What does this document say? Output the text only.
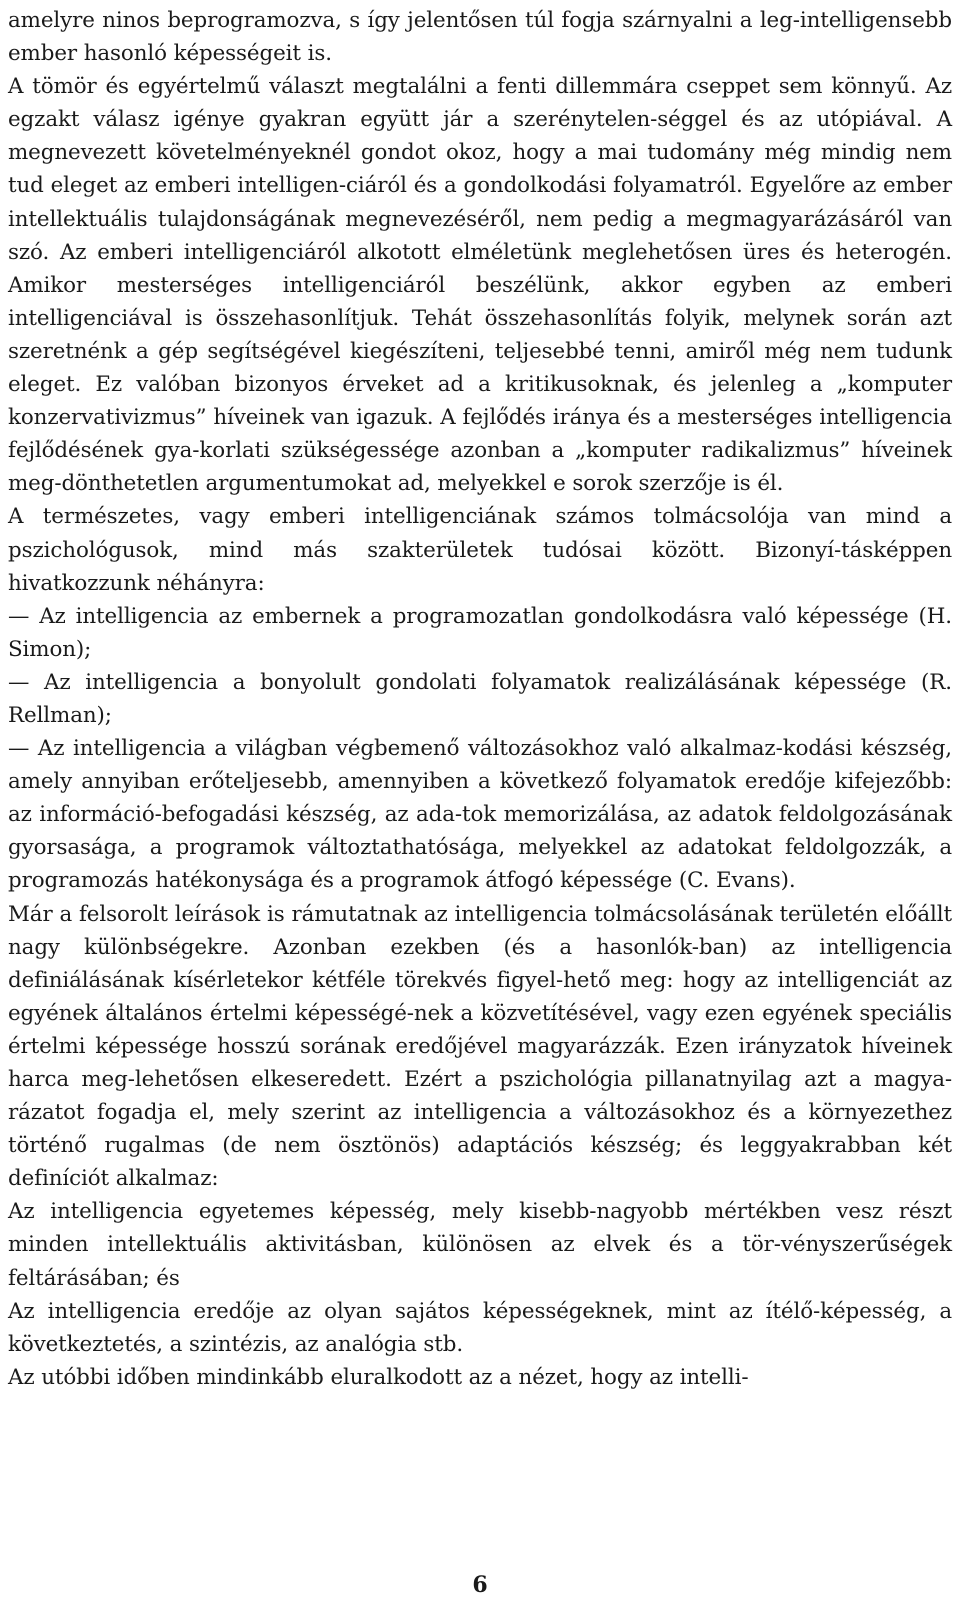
amelyre ninos beprogramozva, s így jelentősen túl fogja szárnyalni a leg-intelligensebb ember hasonló képességeit is.

A tömör és egyértelmű választ megtalálni a fenti dillemmára cseppet sem könnyű. Az egzakt válasz igénye gyakran együtt jár a szerénytelen-séggel és az utópiával. A megnevezett követelményeknél gondot okoz, hogy a mai tudomány még mindig nem tud eleget az emberi intelligen-ciáról és a gondolkodási folyamatról. Egyelőre az ember intellektuális tulajdonságának megnevezéséről, nem pedig a megmagyarázásáról van szó. Az emberi intelligenciáról alkotott elméletünk meglehetősen üres és heterogén. Amikor mesterséges intelligenciáról beszélünk, akkor egyben az emberi intelligenciával is összehasonlítjuk. Tehát összehasonlítás folyik, melynek során azt szeretnénk a gép segítségével kiegészíteni, teljesebbé tenni, amiről még nem tudunk eleget. Ez valóban bizonyos érveket ad a kritikusoknak, és jelenleg a „komputer konzervativizmus” híveinek van igazuk. A fejlődés iránya és a mesterséges intelligencia fejlődésének gya-korlati szükségessége azonban a „komputer radikalizmus” híveinek meg-dönthetetlen argumentumokat ad, melyekkel e sorok szerzője is él.

A természetes, vagy emberi intelligenciának számos tolmácsolója van mind a pszichológusok, mind más szakterületek tudósai között. Bizonyí-tásképpen hivatkozzunk néhányra:

— Az intelligencia az embernek a programozatlan gondolkodásra való képessége (H. Simon);

— Az intelligencia a bonyolult gondolati folyamatok realizálásának képessége (R. Rellman);

— Az intelligencia a világban végbemenő változásokhoz való alkalmaz-kodási készség, amely annyiban erőteljesebb, amennyiben a következő folyamatok eredője kifejezőbb: az információ-befogadási készség, az ada-tok memorizálása, az adatok feldolgozásának gyorsasága, a programok változtathatósága, melyekkel az adatokat feldolgozzák, a programozás hatékonysága és a programok átfogó képessége (C. Evans).

Már a felsorolt leírások is rámutatnak az intelligencia tolmácsolásának területén előállt nagy különbségekre. Azonban ezekben (és a hasonlók-ban) az intelligencia definiálásának kísérletekor kétféle törekvés figyel-hető meg: hogy az intelligenciát az egyének általános értelmi képességé-nek a közvetítésével, vagy ezen egyének speciális értelmi képessége hosszú sorának eredőjével magyarázzák. Ezen irányzatok híveinek harca meg-lehetősen elkeseredett. Ezért a pszichológia pillanatnyilag azt a magya-rázatot fogadja el, mely szerint az intelligencia a változásokhoz és a környezethez történő rugalmas (de nem ösztönös) adaptációs készség; és leggyakrabban két definíciót alkalmaz:

Az intelligencia egyetemes képesség, mely kisebb-nagyobb mértékben vesz részt minden intellektuális aktivitásban, különösen az elvek és a tör-vényszerűségek feltárásában; és

Az intelligencia eredője az olyan sajátos képességeknek, mint az ítélő-képesség, a következtetés, a szintézis, az analógia stb.

Az utóbbi időben mindinkább eluralkodott az a nézet, hogy az intelli-

6
